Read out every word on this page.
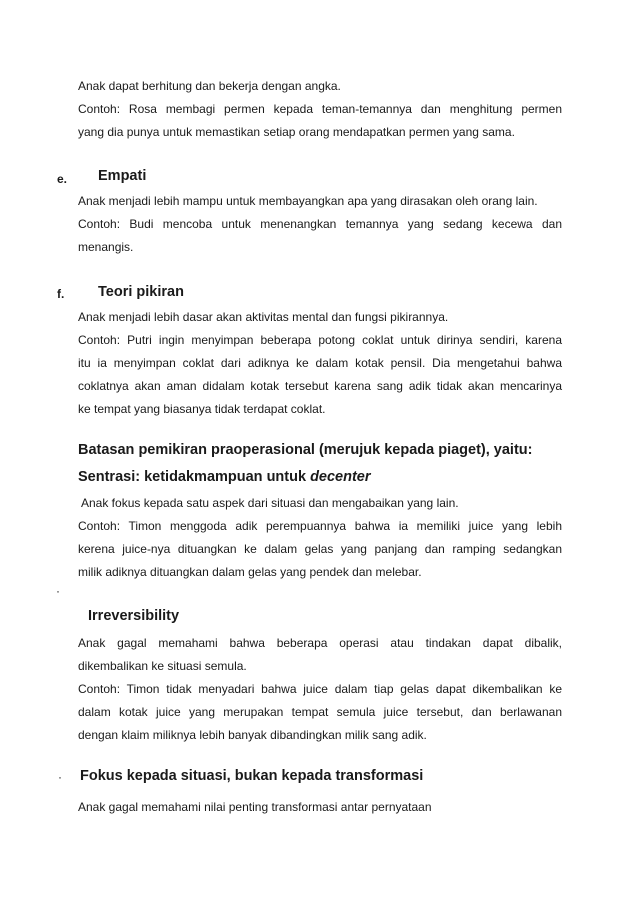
Anak dapat berhitung dan bekerja dengan angka.
Contoh: Rosa membagi permen kepada teman-temannya dan menghitung permen
yang dia punya untuk memastikan setiap orang mendapatkan permen yang sama.
e. Empati
Anak menjadi lebih mampu untuk membayangkan apa yang dirasakan oleh orang lain.
Contoh: Budi mencoba untuk menenangkan temannya yang sedang kecewa dan
menangis.
f. Teori pikiran
Anak menjadi lebih dasar akan aktivitas mental dan fungsi pikirannya.
Contoh: Putri ingin menyimpan beberapa potong coklat untuk dirinya sendiri, karena
itu ia menyimpan coklat dari adiknya ke dalam kotak pensil. Dia mengetahui bahwa
coklatnya akan aman didalam kotak tersebut karena sang adik tidak akan mencarinya
ke tempat yang biasanya tidak terdapat coklat.
Batasan pemikiran praoperasional (merujuk kepada piaget), yaitu:
Sentrasi: ketidakmampuan untuk decenter
Anak fokus kepada satu aspek dari situasi dan mengabaikan yang lain.
Contoh: Timon menggoda adik perempuannya bahwa ia memiliki juice yang lebih
kerena juice-nya dituangkan ke dalam gelas yang panjang dan ramping sedangkan
milik adiknya dituangkan dalam gelas yang pendek dan melebar.
·
Irreversibility
Anak gagal memahami bahwa beberapa operasi atau tindakan dapat dibalik,
dikembalikan ke situasi semula.
Contoh: Timon tidak menyadari bahwa juice dalam tiap gelas dapat dikembalikan ke
dalam kotak juice yang merupakan tempat semula juice tersebut, dan berlawanan
dengan klaim miliknya lebih banyak dibandingkan milik sang adik.
· Fokus kepada situasi, bukan kepada transformasi
Anak gagal memahami nilai penting transformasi antar pernyataan
